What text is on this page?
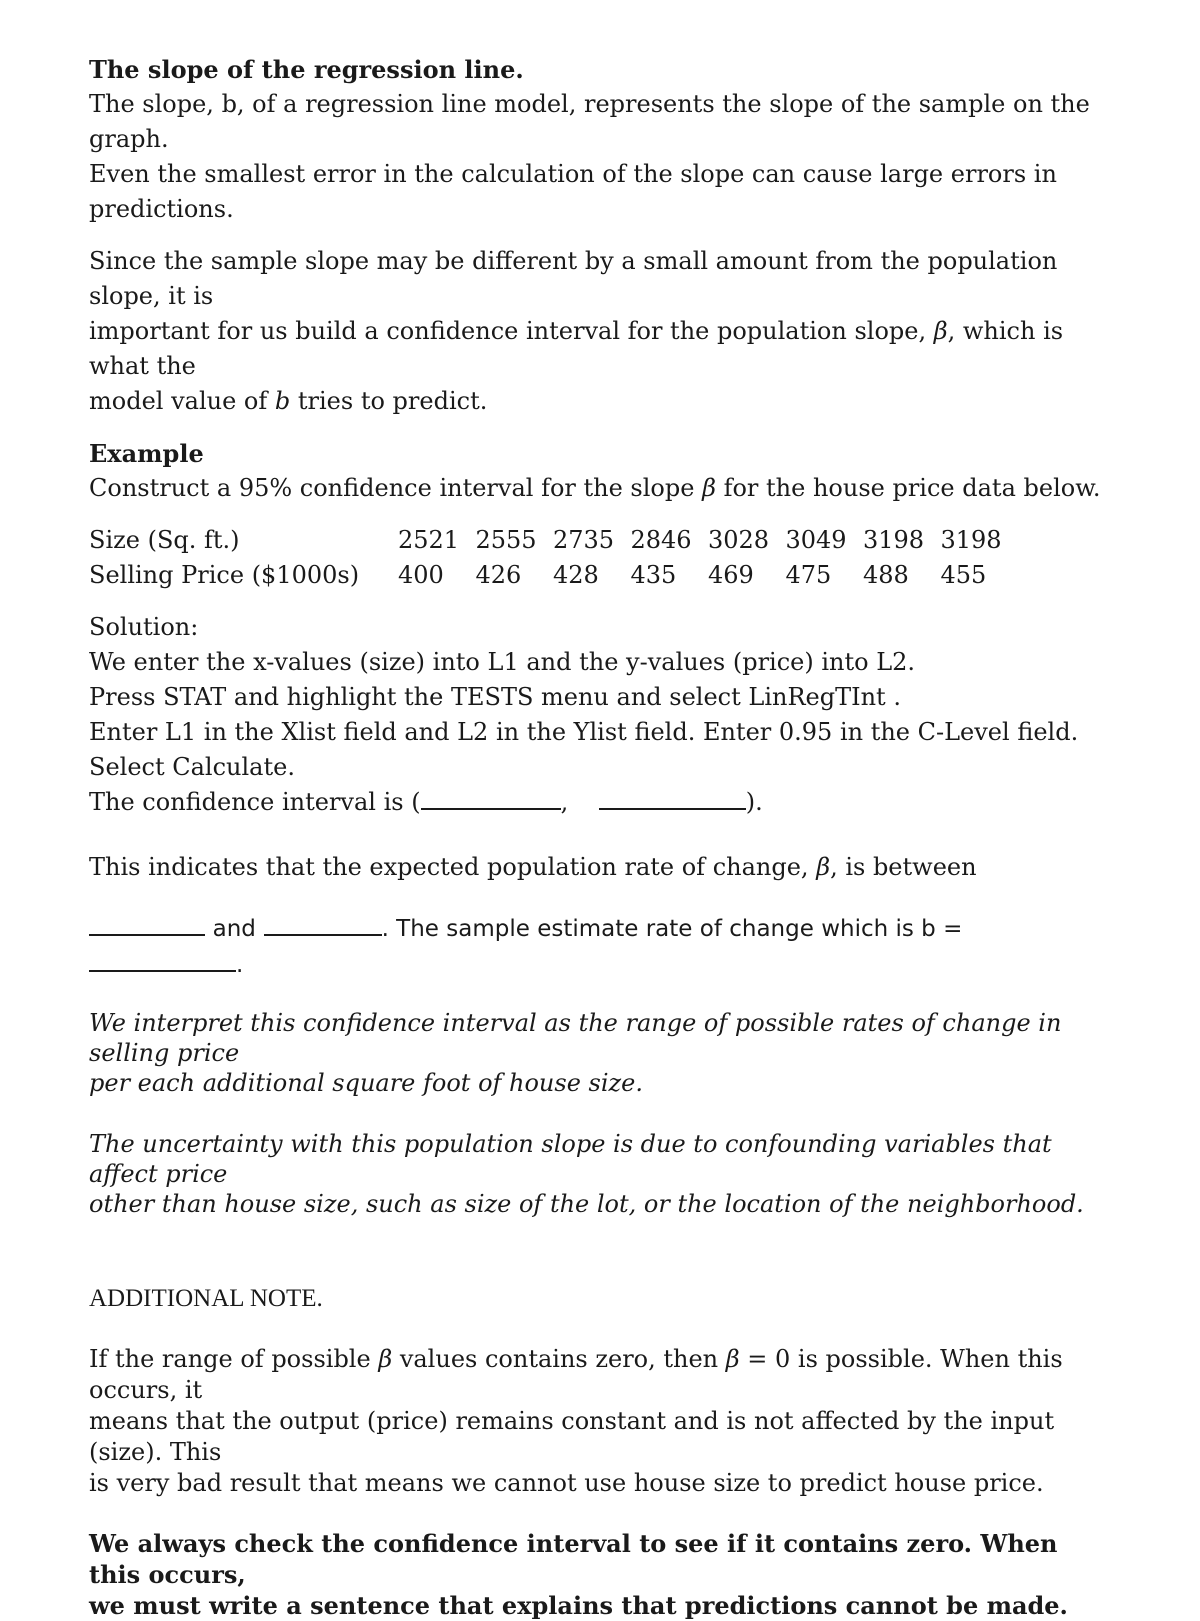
The slope of the regression line.

The slope, b, of a regression line model, represents the slope of the sample on the graph.

Even the smallest error in the calculation of the slope can cause large errors in predictions.

Since the sample slope may be different by a small amount from the population slope, it is

important for us build a confidence interval for the population slope, β, which is what the

model value of b tries to predict.

Example

Construct a 95% confidence interval for the slope β for the house price data below.

Size (Sq. ft.)	2521	2555	2735	2846	3028	3049	3198	3198
Selling Price ($1000s)	400	426	428	435	469	475	488	455

Solution:

We enter the x-values (size) into L1 and the y-values (price) into L2.

Press STAT and highlight the TESTS menu and select LinRegTInt .

Enter L1 in the Xlist field and L2 in the Ylist field. Enter 0.95 in the C-Level field.

Select Calculate.

The confidence interval is (	,	).

This indicates that the expected population rate of change, β, is between

and	. The sample estimate rate of change which is b = .

We interpret this confidence interval as the range of possible rates of change in selling price

per each additional square foot of house size.

The uncertainty with this population slope is due to confounding variables that affect price

other than house size, such as size of the lot, or the location of the neighborhood.

ADDITIONAL NOTE.

If the range of possible β values contains zero, then β = 0 is possible. When this occurs, it

means that the output (price) remains constant and is not affected by the input (size). This

is very bad result that means we cannot use house size to predict house price.

We always check the confidence interval to see if it contains zero. When this occurs,

we must write a sentence that explains that predictions cannot be made.
